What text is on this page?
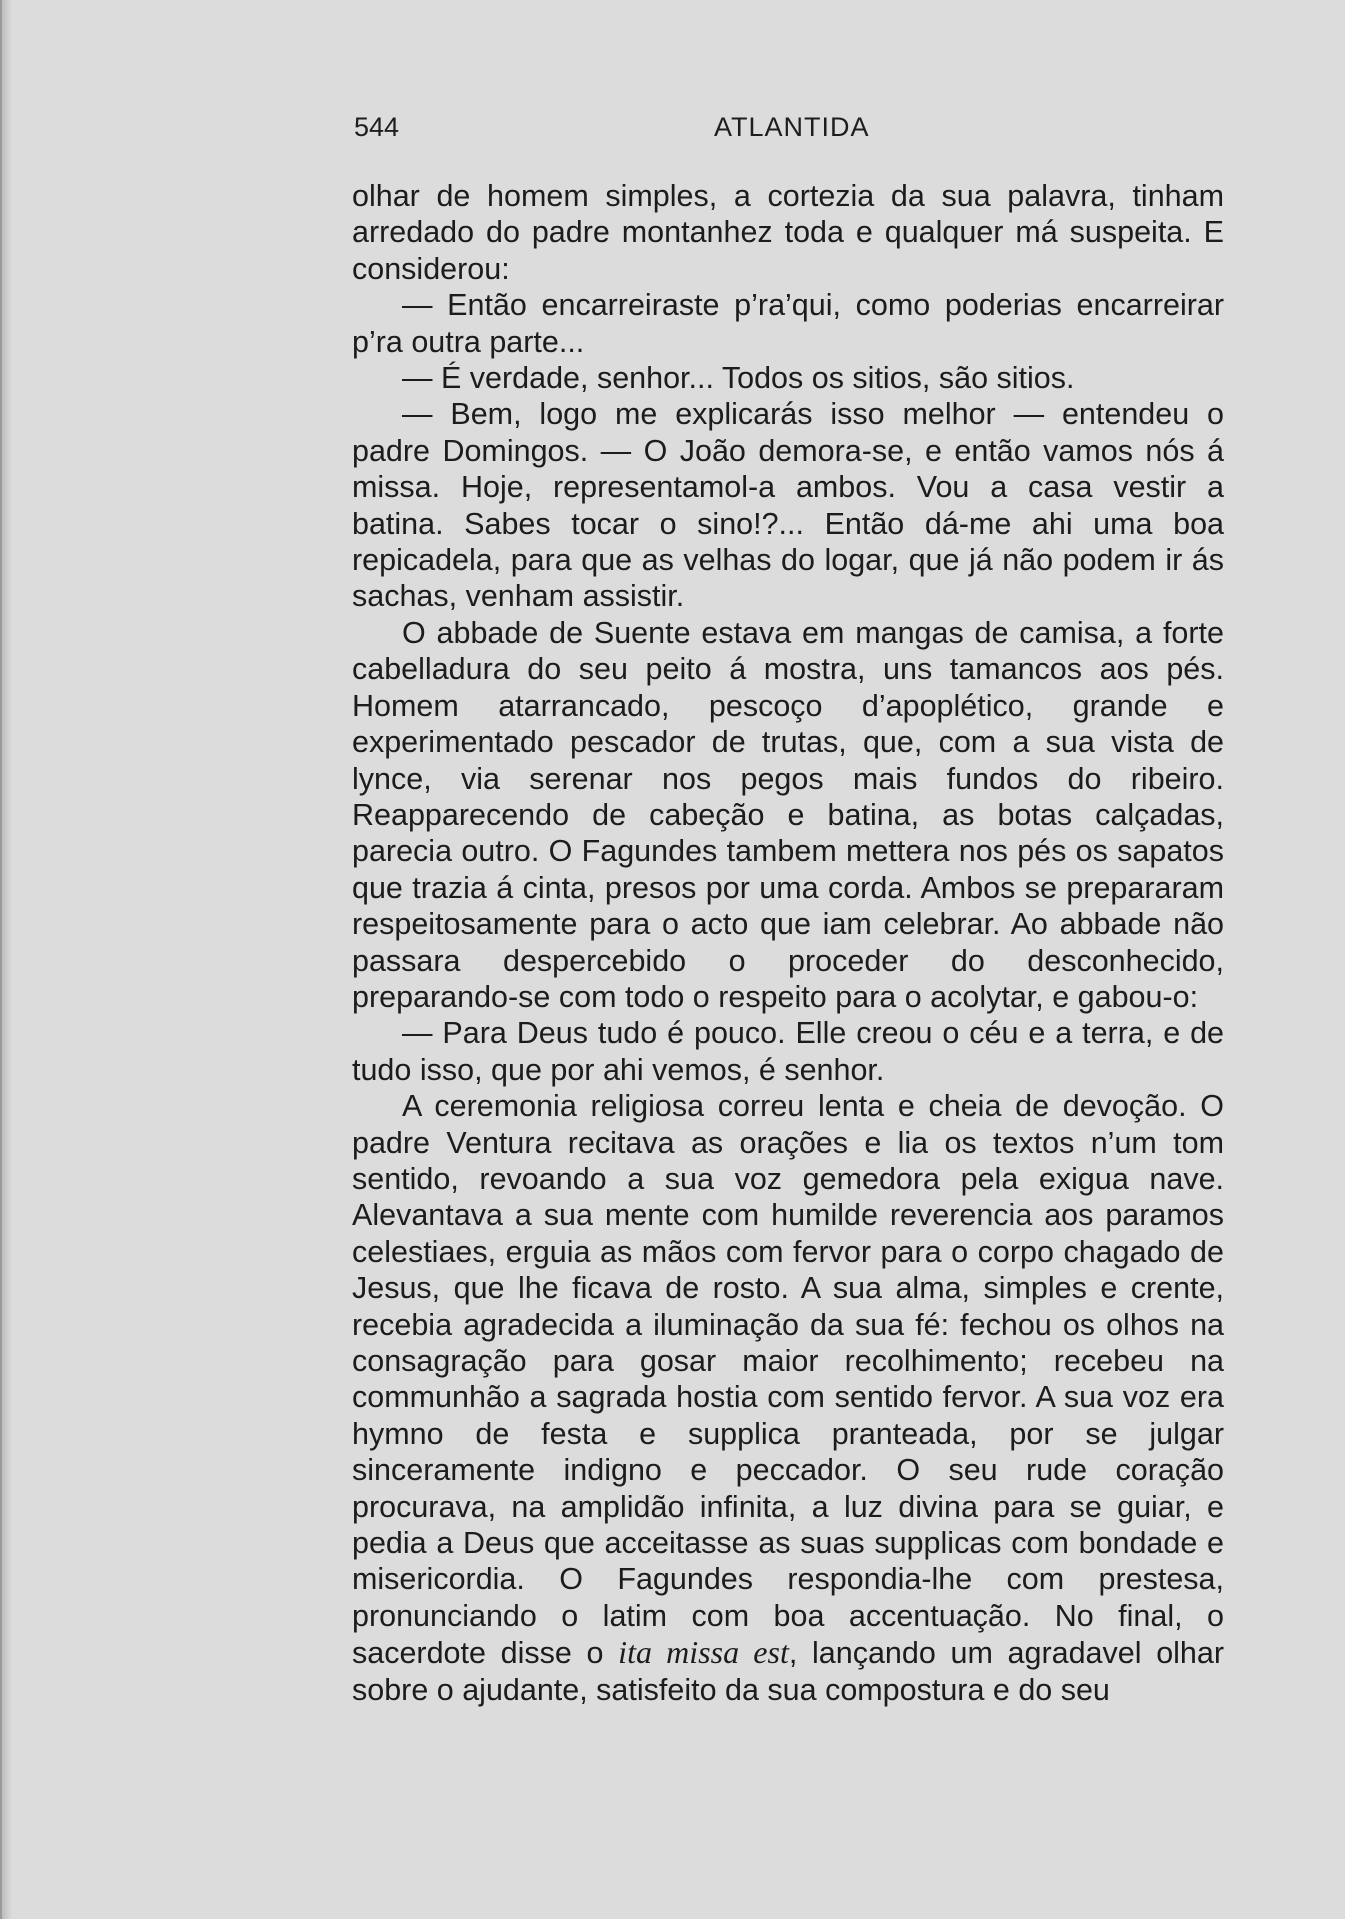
544	ATLANTIDA

olhar de homem simples, a cortezia da sua palavra, tinham arredado do padre montanhez toda e qualquer má suspeita. E considerou:

— Então encarreiraste p’ra’qui, como poderias encarreirar p’ra outra parte...

— É verdade, senhor... Todos os sitios, são sitios.

— Bem, logo me explicarás isso melhor — entendeu o padre Domingos. — O João demora-se, e então vamos nós á missa. Hoje, representamol-a ambos. Vou a casa vestir a batina. Sabes tocar o sino!?... Então dá-me ahi uma boa repicadela, para que as velhas do logar, que já não podem ir ás sachas, venham assistir.

O abbade de Suente estava em mangas de camisa, a forte cabelladura do seu peito á mostra, uns tamancos aos pés. Homem atarrancado, pescoço d’apoplético, grande e experimentado pescador de trutas, que, com a sua vista de lynce, via serenar nos pegos mais fundos do ribeiro. Reapparecendo de cabeção e batina, as botas calçadas, parecia outro. O Fagundes tambem mettera nos pés os sapatos que trazia á cinta, presos por uma corda. Ambos se prepararam respeitosamente para o acto que iam celebrar. Ao abbade não passara despercebido o proceder do desconhecido, preparando-se com todo o respeito para o acolytar, e gabou-o:

— Para Deus tudo é pouco. Elle creou o céu e a terra, e de tudo isso, que por ahi vemos, é senhor.

A ceremonia religiosa correu lenta e cheia de devoção. O padre Ventura recitava as orações e lia os textos n’um tom sentido, revoando a sua voz gemedora pela exigua nave. Alevantava a sua mente com humilde reverencia aos paramos celestiaes, erguia as mãos com fervor para o corpo chagado de Jesus, que lhe ficava de rosto. A sua alma, simples e crente, recebia agradecida a iluminação da sua fé: fechou os olhos na consagração para gosar maior recolhimento; recebeu na communhão a sagrada hostia com sentido fervor. A sua voz era hymno de festa e supplica pranteada, por se julgar sinceramente indigno e peccador. O seu rude coração procurava, na amplidão infinita, a luz divina para se guiar, e pedia a Deus que acceitasse as suas supplicas com bondade e misericordia. O Fagundes respondia-lhe com prestesa, pronunciando o latim com boa accentuação. No final, o sacerdote disse o ita missa est, lançando um agradavel olhar sobre o ajudante, satisfeito da sua compostura e do seu
